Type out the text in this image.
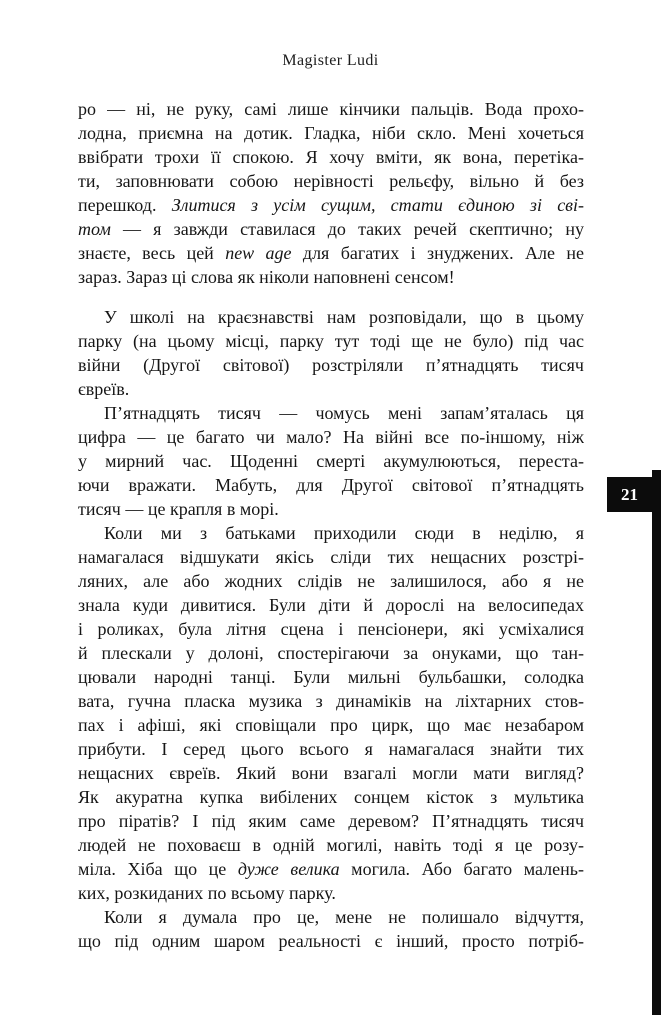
Magister Ludi
ро — ні, не руку, самі лише кінчики пальців. Вода прохо-
лодна, приємна на дотик. Гладка, ніби скло. Мені хочеться
ввібрати трохи її спокою. Я хочу вміти, як вона, перетіка-
ти, заповнювати собою нерівності рельєфу, вільно й без
перешкод. Злитися з усім сущим, стати єдиною зі сві-
том — я завжди ставилася до таких речей скептично; ну
знаєте, весь цей new age для багатих і знуджених. Але не
зараз. Зараз ці слова як ніколи наповнені сенсом!
У школі на краєзнавстві нам розповідали, що в цьому
парку (на цьому місці, парку тут тоді ще не було) під час
війни (Другої світової) розстріляли п’ятнадцять тисяч
євреїв.
П’ятнадцять тисяч — чомусь мені запам’яталась ця
цифра — це багато чи мало? На війні все по-іншому, ніж
у мирний час. Щоденні смерті акумулюються, переста-
ючи вражати. Мабуть, для Другої світової п’ятнадцять
тисяч — це крапля в морі.
Коли ми з батьками приходили сюди в неділю, я
намагалася відшукати якісь сліди тих нещасних розстрі-
ляних, але або жодних слідів не залишилося, або я не
знала куди дивитися. Були діти й дорослі на велосипедах
і роликах, була літня сцена і пенсіонери, які усміхалися
й плескали у долоні, спостерігаючи за онуками, що тан-
цювали народні танці. Були мильні бульбашки, солодка
вата, гучна пласка музика з динаміків на ліхтарних стов-
пах і афіші, які сповіщали про цирк, що має незабаром
прибути. І серед цього всього я намагалася знайти тих
нещасних євреїв. Який вони взагалі могли мати вигляд?
Як акуратна купка вибілених сонцем кісток з мультика
про піратів? І під яким саме деревом? П’ятнадцять тисяч
людей не поховаєш в одній могилі, навіть тоді я це розу-
міла. Хіба що це дуже велика могила. Або багато малень-
ких, розкиданих по всьому парку.
Коли я думала про це, мене не полишало відчуття,
що під одним шаром реальності є інший, просто потріб-
21
